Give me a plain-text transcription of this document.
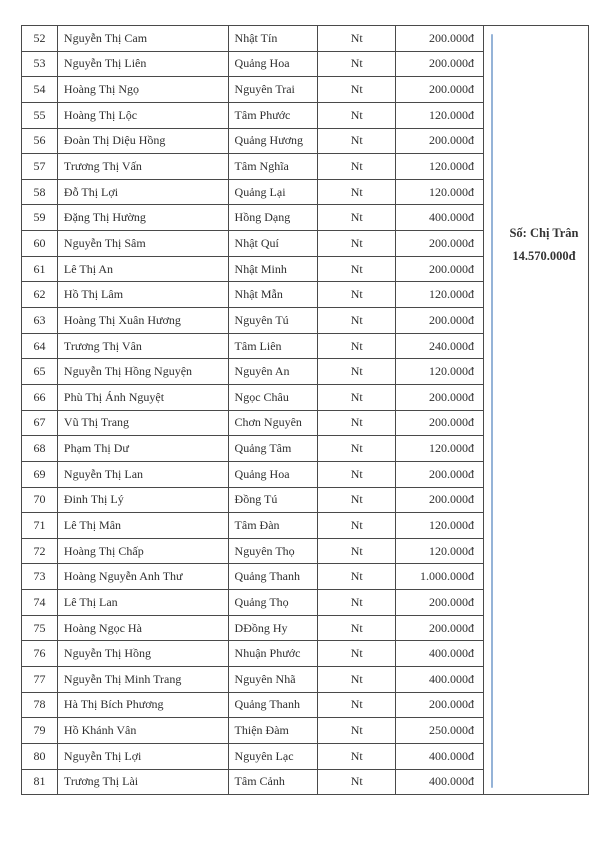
52	Nguyễn Thị Cam	Nhật Tín	Nt	200.000đ
53	Nguyễn Thị Liên	Quảng Hoa	Nt	200.000đ
54	Hoàng Thị Ngọ	Nguyên Trai	Nt	200.000đ
55	Hoàng Thị Lộc	Tâm Phước	Nt	120.000đ
56	Đoàn Thị Diệu Hồng	Quảng Hương	Nt	200.000đ
57	Trương Thị Vấn	Tâm Nghĩa	Nt	120.000đ
58	Đỗ Thị Lợi	Quảng Lại	Nt	120.000đ
59	Đặng Thị Hường	Hồng Dạng	Nt	400.000đ
60	Nguyễn Thị Sâm	Nhật Quí	Nt	200.000đ
61	Lê Thị An	Nhật Minh	Nt	200.000đ
62	Hồ Thị Lâm	Nhật Mẫn	Nt	120.000đ
63	Hoàng Thị Xuân Hương	Nguyên Tú	Nt	200.000đ
64	Trương Thị Vân	Tâm Liên	Nt	240.000đ
65	Nguyễn Thị Hồng Nguyện	Nguyên An	Nt	120.000đ
66	Phù Thị Ánh Nguyệt	Ngọc Châu	Nt	200.000đ
67	Vũ Thị Trang	Chơn Nguyên	Nt	200.000đ
68	Phạm Thị Dư	Quảng Tâm	Nt	120.000đ
69	Nguyễn Thị Lan	Quảng Hoa	Nt	200.000đ
70	Đinh Thị Lý	Đồng Tú	Nt	200.000đ
71	Lê Thị Mân	Tâm Đàn	Nt	120.000đ
72	Hoàng Thị Chấp	Nguyên Thọ	Nt	120.000đ
73	Hoàng Nguyễn Anh Thư	Quảng Thanh	Nt	1.000.000đ
74	Lê Thị Lan	Quảng Thọ	Nt	200.000đ
75	Hoàng Ngọc Hà	DĐồng Hy	Nt	200.000đ
76	Nguyễn Thị Hồng	Nhuận Phước	Nt	400.000đ
77	Nguyễn Thị Minh Trang	Nguyên Nhã	Nt	400.000đ
78	Hà Thị Bích Phương	Quảng Thanh	Nt	200.000đ
79	Hồ Khánh Vân	Thiện Đàm	Nt	250.000đ
80	Nguyễn Thị Lợi	Nguyên Lạc	Nt	400.000đ
81	Trương Thị Lài	Tâm Cảnh	Nt	400.000đ
Số: Chị Trân
14.570.000đ
